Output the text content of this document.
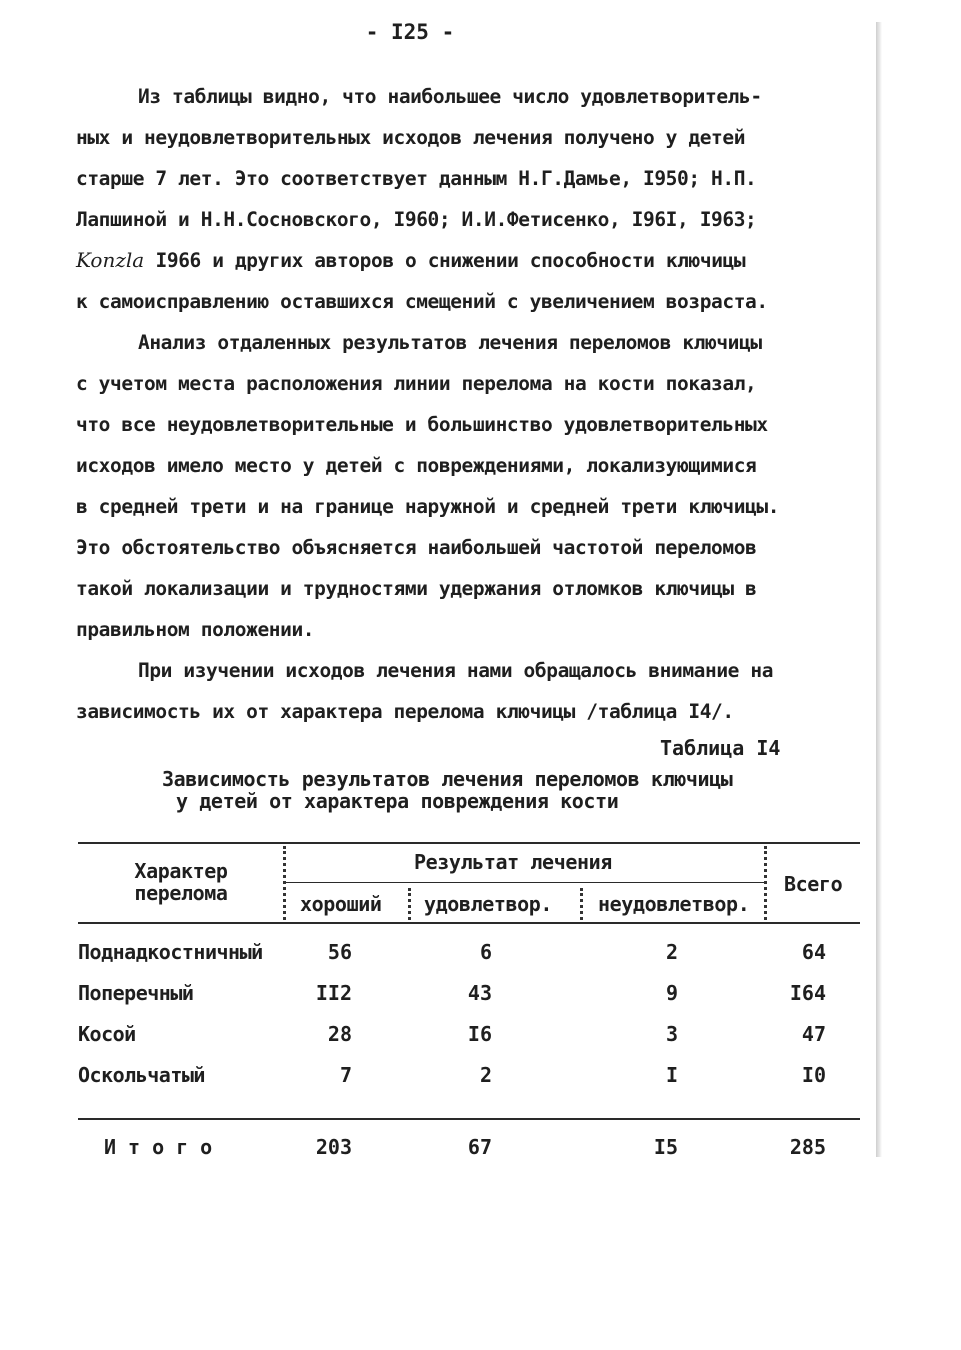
- I25 -
Из таблицы видно, что наибольшее число удовлетворитель-
ных и неудовлетворительных исходов лечения получено у детей
старше 7 лет. Это соответствует данным Н.Г.Дамье, I950; Н.П.
Лапшиной и Н.Н.Сосновского, I960; И.И.Фетисенко, I96I, I963;
Konzla I966 и других авторов о снижении способности ключицы
к самоисправлению оставшихся смещений с увеличением возраста.
Анализ отдаленных результатов лечения переломов ключицы
с учетом места расположения линии перелома на кости показал,
что все неудовлетворительные и большинство удовлетворительных
исходов имело место у детей с повреждениями, локализующимися
в средней трети и на границе наружной и средней трети ключицы.
Это обстоятельство объясняется наибольшей частотой переломов
такой локализации и трудностями удержания отломков ключицы в
правильном положении.
При изучении исходов лечения нами обращалось внимание на
зависимость их от характера перелома ключицы /таблица I4/.
Таблица I4
Зависимость результатов лечения переломов ключицы
у детей от характера повреждения кости
Характер
перелома
Результат лечения
Всего
хороший удовлетвор. неудовлетвор.
Поднадкостничный	56	6	2	64
Поперечный	II2	43	9	I64
Косой	28	I6	3	47
Оскольчатый	7	2	I	I0
Итого	203	67	I5	285
